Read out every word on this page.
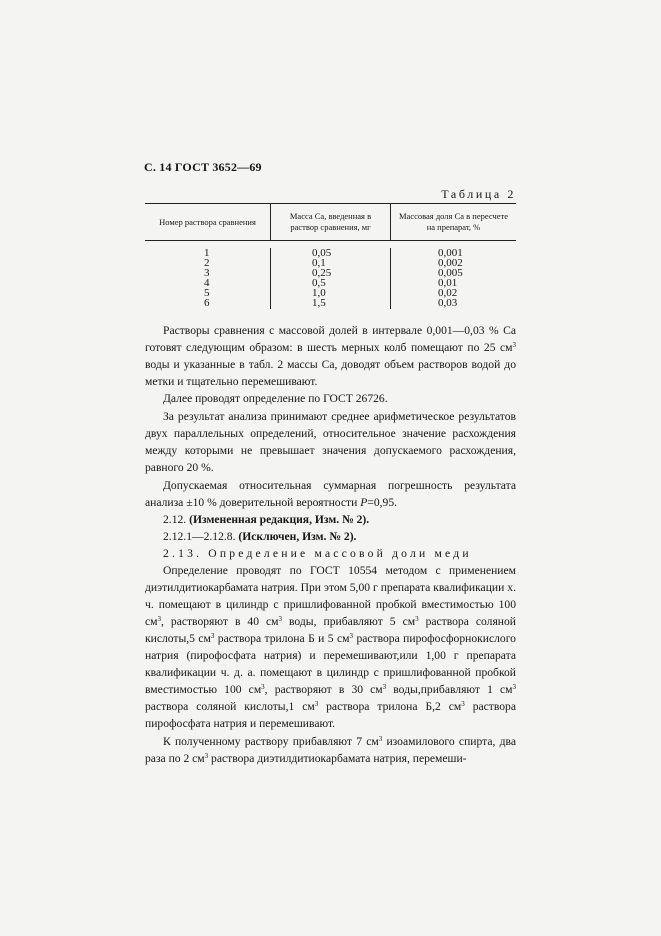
С. 14 ГОСТ 3652—69
Таблица 2
Номер раствора сравнения
Масса Ca, введенная в раствор сравнения, мг
Массовая доля Ca в пересчете на препарат, %
1
2
3
4
5
6
0,05
0,1
0,25
0,5
1,0
1,5
0,001
0,002
0,005
0,01
0,02
0,03

Растворы сравнения с массовой долей в интервале 0,001—0,03 % Ca готовят следующим образом: в шесть мерных колб помещают по 25 $см^3$ воды и указанные в табл. 2 массы Ca, доводят объем растворов водой до метки и тщательно перемешивают.

Далее проводят определение по ГОСТ 26726.

За результат анализа принимают среднее арифметическое результатов двух параллельных определений, относительное значение расхождения между которыми не превышает значения допускаемого расхождения, равного 20 %.

Допускаемая относительная суммарная погрешность результата анализа ±10 % доверительной вероятности P=0,95.

2.12. (Измененная редакция, Изм. № 2).

2.12.1—2.12.8. (Исключен, Изм. № 2).

2.13. Определение массовой доли меди

Определение проводят по ГОСТ 10554 методом с применением диэтилдитиокарбамата натрия. При этом 5,00 г препарата квалификации х. ч. помещают в цилиндр с пришлифованной пробкой вместимостью 100 $см^3$, растворяют в 40 $см^3$ воды, прибавляют 5 $см^3$ раствора соляной кислоты,5 $см^3$ раствора трилона Б и 5 $см^3$ раствора пирофосфорнокислого натрия (пирофосфата натрия) и перемешивают,или 1,00 г препарата квалификации ч. д. а. помещают в цилиндр с пришлифованной пробкой вместимостью 100 $см^3$, растворяют в 30 $см^3$ воды,прибавляют 1 $см^3$ раствора соляной кислоты,1 $см^3$ раствора трилона Б,2 $см^3$ раствора пирофосфата натрия и перемешивают.

К полученному раствору прибавляют 7 $см^3$ изоамилового спирта, два раза по 2 $см^3$ раствора диэтилдитиокарбамата натрия, перемеши-
